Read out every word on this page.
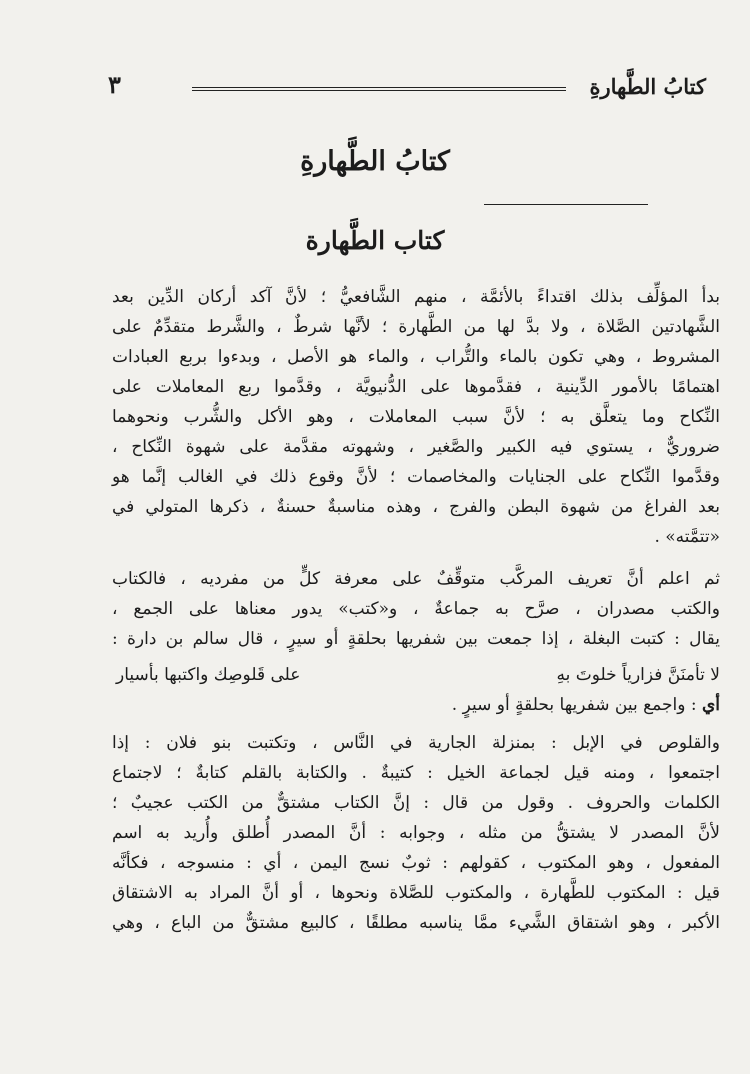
كتابُ الطَّهارةِ
٣
كتابُ الطَّهارةِ
كتاب الطَّهارة
بدأ المؤلِّف بذلك اقتداءً بالأئمَّة ، منهم الشَّافعيُّ ؛ لأنَّ آكد أركان الدِّين بعد
الشَّهادتين الصَّلاة ، ولا بدَّ لها من الطَّهارة ؛ لأنَّها شرطٌ ، والشَّرط متقدِّمٌ على
المشروط ، وهي تكون بالماء والتُّراب ، والماء هو الأصل ، وبدءوا بربع العبادات
اهتمامًا بالأمور الدِّينية ، فقدَّموها على الدُّنيويَّة ، وقدَّموا ربع المعاملات على
النِّكاح وما يتعلَّق به ؛ لأنَّ سبب المعاملات ، وهو الأكل والشُّرب ونحوهما
ضروريٌّ ، يستوي فيه الكبير والصَّغير ، وشهوته مقدَّمة على شهوة النِّكاح ،
وقدَّموا النِّكاح على الجنايات والمخاصمات ؛ لأنَّ وقوع ذلك في الغالب إنَّما هو
بعد الفراغ من شهوة البطن والفرج ، وهذه مناسبةٌ حسنةٌ ، ذكرها المتولي في
«تتمَّته» .
ثم اعلم أنَّ تعريف المركَّب متوقِّفٌ على معرفة كلٍّ من مفرديه ، فالكتاب
والكتب مصدران ، صرَّح به جماعةٌ ، و«كتب» يدور معناها على الجمع ،
يقال : كتبت البغلة ، إذا جمعت بين شفريها بحلقةٍ أو سيرٍ ، قال سالم بن دارة :
لا تأمنَنَّ فزارياً خلوتَ بهِ
على قَلوصِك واكتبها بأسيار
أي : واجمع بين شفريها بحلقةٍ أو سيرٍ .
والقلوص في الإبل : بمنزلة الجارية في النَّاس ، وتكتبت بنو فلان : إذا
اجتمعوا ، ومنه قيل لجماعة الخيل : كتيبةٌ . والكتابة بالقلم كتابةٌ ؛ لاجتماع
الكلمات والحروف . وقول من قال : إنَّ الكتاب مشتقٌّ من الكتب عجيبٌ ؛
لأنَّ المصدر لا يشتقُّ من مثله ، وجوابه : أنَّ المصدر أُطلق وأُريد به اسم
المفعول ، وهو المكتوب ، كقولهم : ثوبٌ نسج اليمن ، أي : منسوجه ، فكأنَّه
قيل : المكتوب للطَّهارة ، والمكتوب للصَّلاة ونحوها ، أو أنَّ المراد به الاشتقاق
الأكبر ، وهو اشتقاق الشَّيء ممَّا يناسبه مطلقًا ، كالبيع مشتقٌّ من الباع ، وهي
